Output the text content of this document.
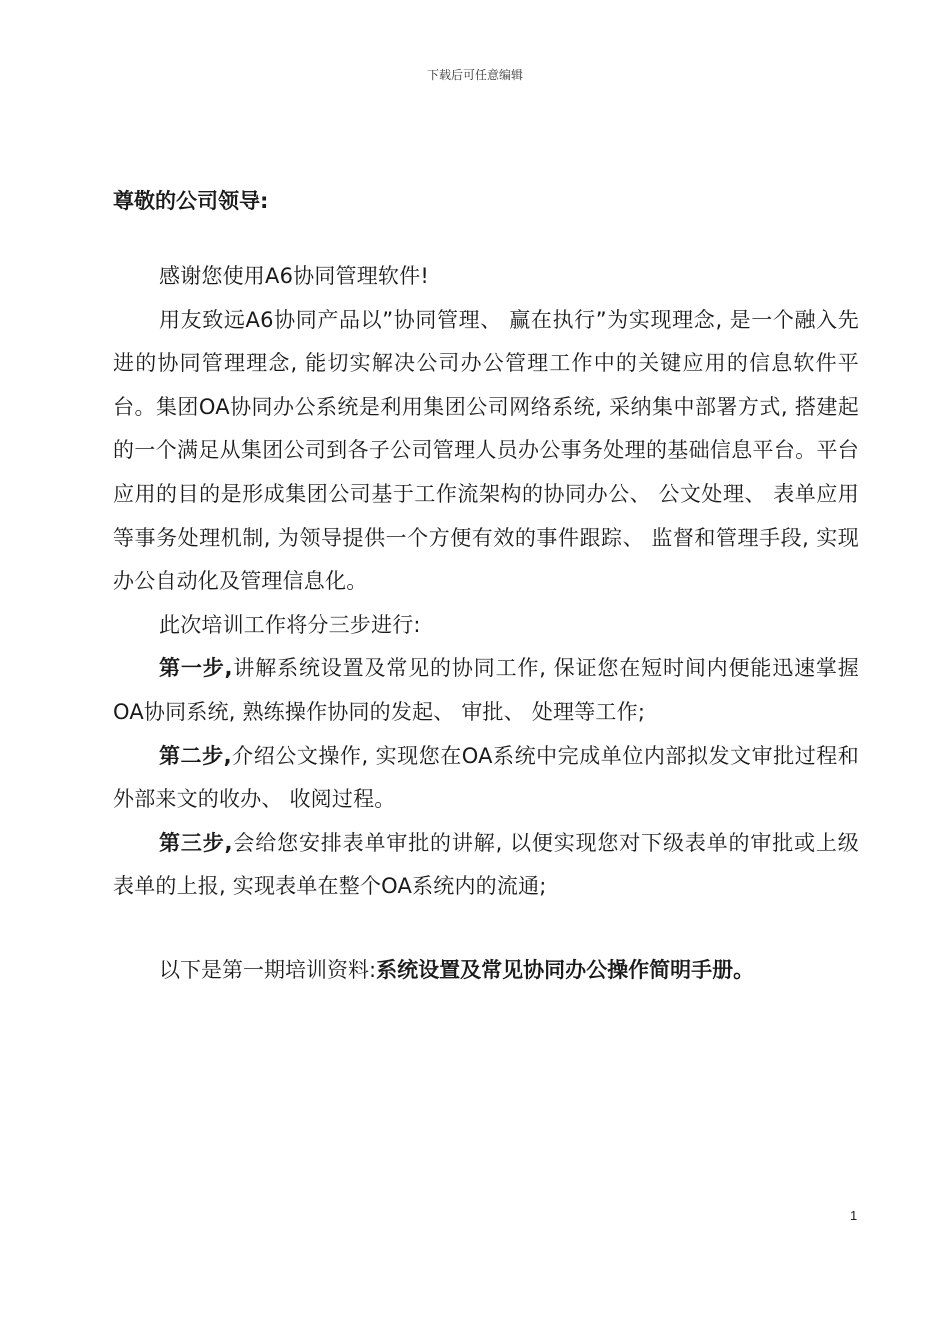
下载后可任意编辑
尊敬的公司领导:

感谢您使用A6协同管理软件!

用友致远A6协同产品以”协同管理、 赢在执行”为实现理念, 是一个融入先进的协同管理理念, 能切实解决公司办公管理工作中的关键应用的信息软件平台。集团OA协同办公系统是利用集团公司网络系统, 采纳集中部署方式, 搭建起的一个满足从集团公司到各子公司管理人员办公事务处理的基础信息平台。平台应用的目的是形成集团公司基于工作流架构的协同办公、 公文处理、 表单应用等事务处理机制, 为领导提供一个方便有效的事件跟踪、 监督和管理手段, 实现办公自动化及管理信息化。

此次培训工作将分三步进行:

第一步,讲解系统设置及常见的协同工作, 保证您在短时间内便能迅速掌握OA协同系统, 熟练操作协同的发起、 审批、 处理等工作;

第二步,介绍公文操作, 实现您在OA系统中完成单位内部拟发文审批过程和外部来文的收办、 收阅过程。

第三步,会给您安排表单审批的讲解, 以便实现您对下级表单的审批或上级表单的上报, 实现表单在整个OA系统内的流通;

以下是第一期培训资料:系统设置及常见协同办公操作简明手册。
1
